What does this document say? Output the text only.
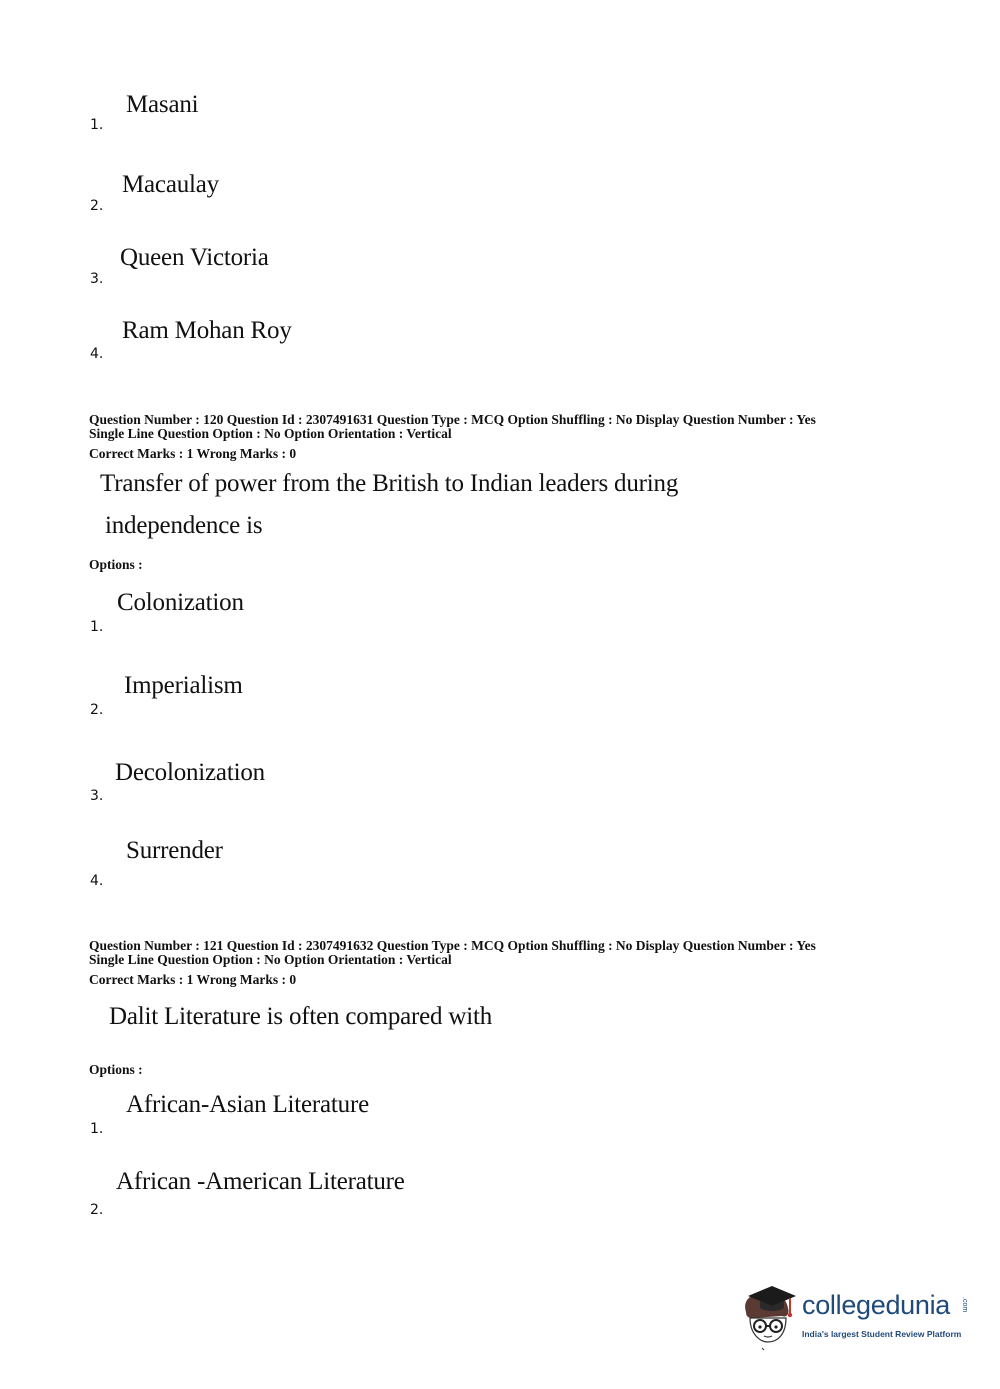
Masani
1.
Macaulay
2.
Queen Victoria
3.
Ram Mohan Roy
4.
Question Number : 120 Question Id : 2307491631 Question Type : MCQ Option Shuffling : No Display Question Number : Yes
Single Line Question Option : No Option Orientation : Vertical
Correct Marks : 1 Wrong Marks : 0
Transfer of power from the British to Indian leaders during
independence is
Options :
Colonization
1.
Imperialism
2.
Decolonization
3.
Surrender
4.
Question Number : 121 Question Id : 2307491632 Question Type : MCQ Option Shuffling : No Display Question Number : Yes
Single Line Question Option : No Option Orientation : Vertical
Correct Marks : 1 Wrong Marks : 0
Dalit Literature is often compared with
Options :
African-Asian Literature
1.
African -American Literature
2.
collegedunia .com
India's largest Student Review Platform
